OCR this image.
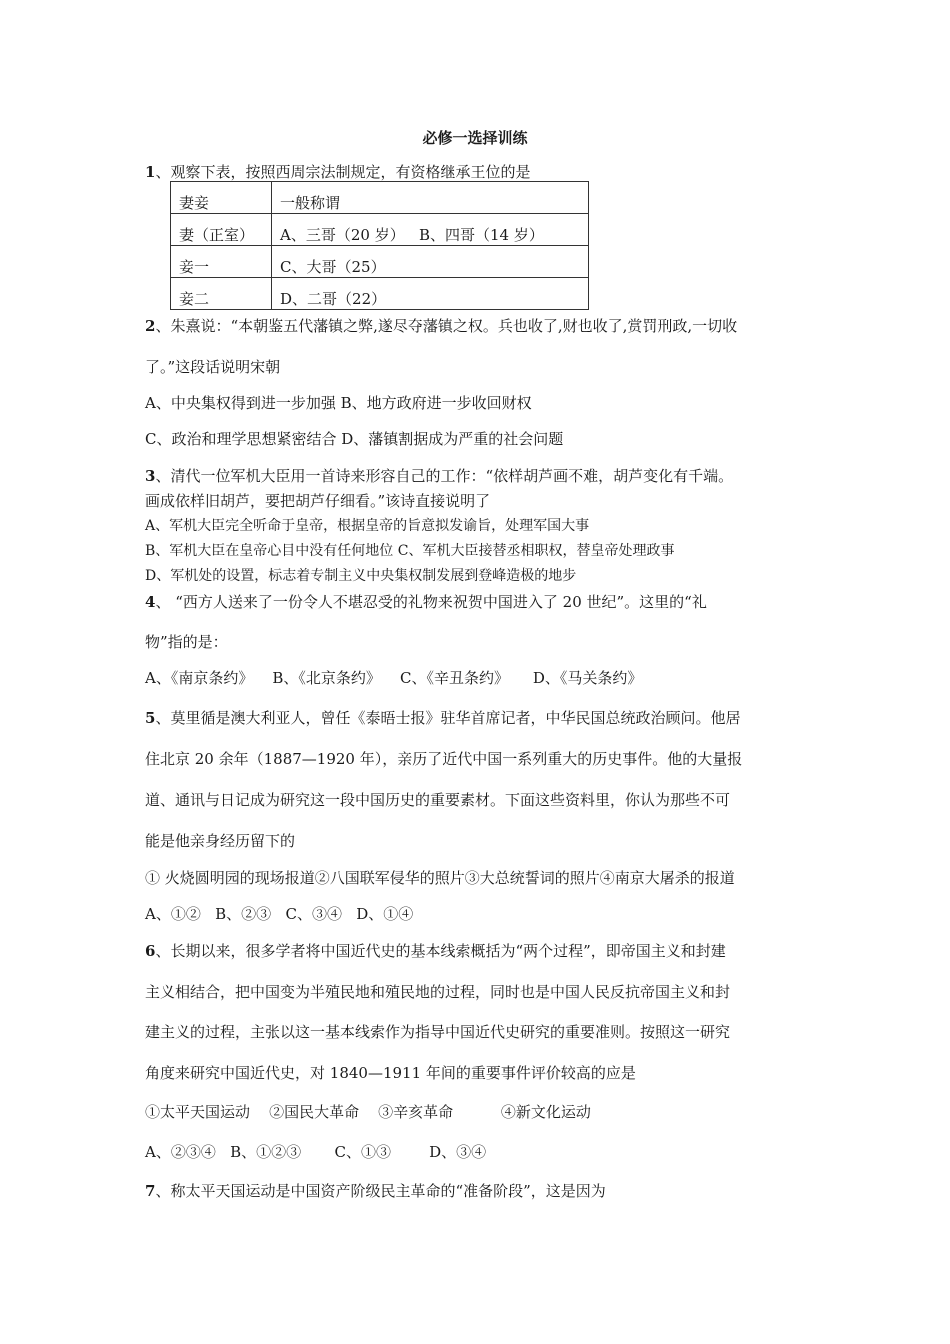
必修一选择训练
1、观察下表，按照西周宗法制规定，有资格继承王位的是
妻妾	一般称谓
妻（正室）	A、三哥（20 岁）   B、四哥（14 岁）
妾一	C、大哥（25）
妾二	D、二哥（22）
2、朱熹说：“本朝鉴五代藩镇之弊,遂尽夺藩镇之权。兵也收了,财也收了,赏罚刑政,一切收
了。”这段话说明宋朝
A、中央集权得到进一步加强 B、地方政府进一步收回财权
C、政治和理学思想紧密结合 D、藩镇割据成为严重的社会问题
3、清代一位军机大臣用一首诗来形容自己的工作：“依样胡芦画不难，胡芦变化有千端。
画成依样旧胡芦，要把胡芦仔细看。”该诗直接说明了
A、军机大臣完全听命于皇帝，根据皇帝的旨意拟发谕旨，处理军国大事
B、军机大臣在皇帝心目中没有任何地位 C、军机大臣接替丞相职权，替皇帝处理政事
D、军机处的设置，标志着专制主义中央集权制发展到登峰造极的地步
4、 “西方人送来了一份令人不堪忍受的礼物来祝贺中国进入了 20 世纪”。这里的“礼
物”指的是：
A、《南京条约》    B、《北京条约》    C、《辛丑条约》     D、《马关条约》
5、莫里循是澳大利亚人，曾任《泰晤士报》驻华首席记者，中华民国总统政治顾问。他居
住北京 20 余年（1887—1920 年），亲历了近代中国一系列重大的历史事件。他的大量报
道、通讯与日记成为研究这一段中国历史的重要素材。下面这些资料里，你认为那些不可
能是他亲身经历留下的
① 火烧圆明园的现场报道②八国联军侵华的照片③大总统誓词的照片④南京大屠杀的报道
A、①②   B、②③   C、③④   D、①④
6、长期以来，很多学者将中国近代史的基本线索概括为“两个过程”，即帝国主义和封建
主义相结合，把中国变为半殖民地和殖民地的过程，同时也是中国人民反抗帝国主义和封
建主义的过程，主张以这一基本线索作为指导中国近代史研究的重要准则。按照这一研究
角度来研究中国近代史，对 1840—1911 年间的重要事件评价较高的应是
①太平天国运动    ②国民大革命    ③辛亥革命          ④新文化运动
A、②③④   B、①②③       C、①③        D、③④
7、称太平天国运动是中国资产阶级民主革命的“准备阶段”，这是因为
